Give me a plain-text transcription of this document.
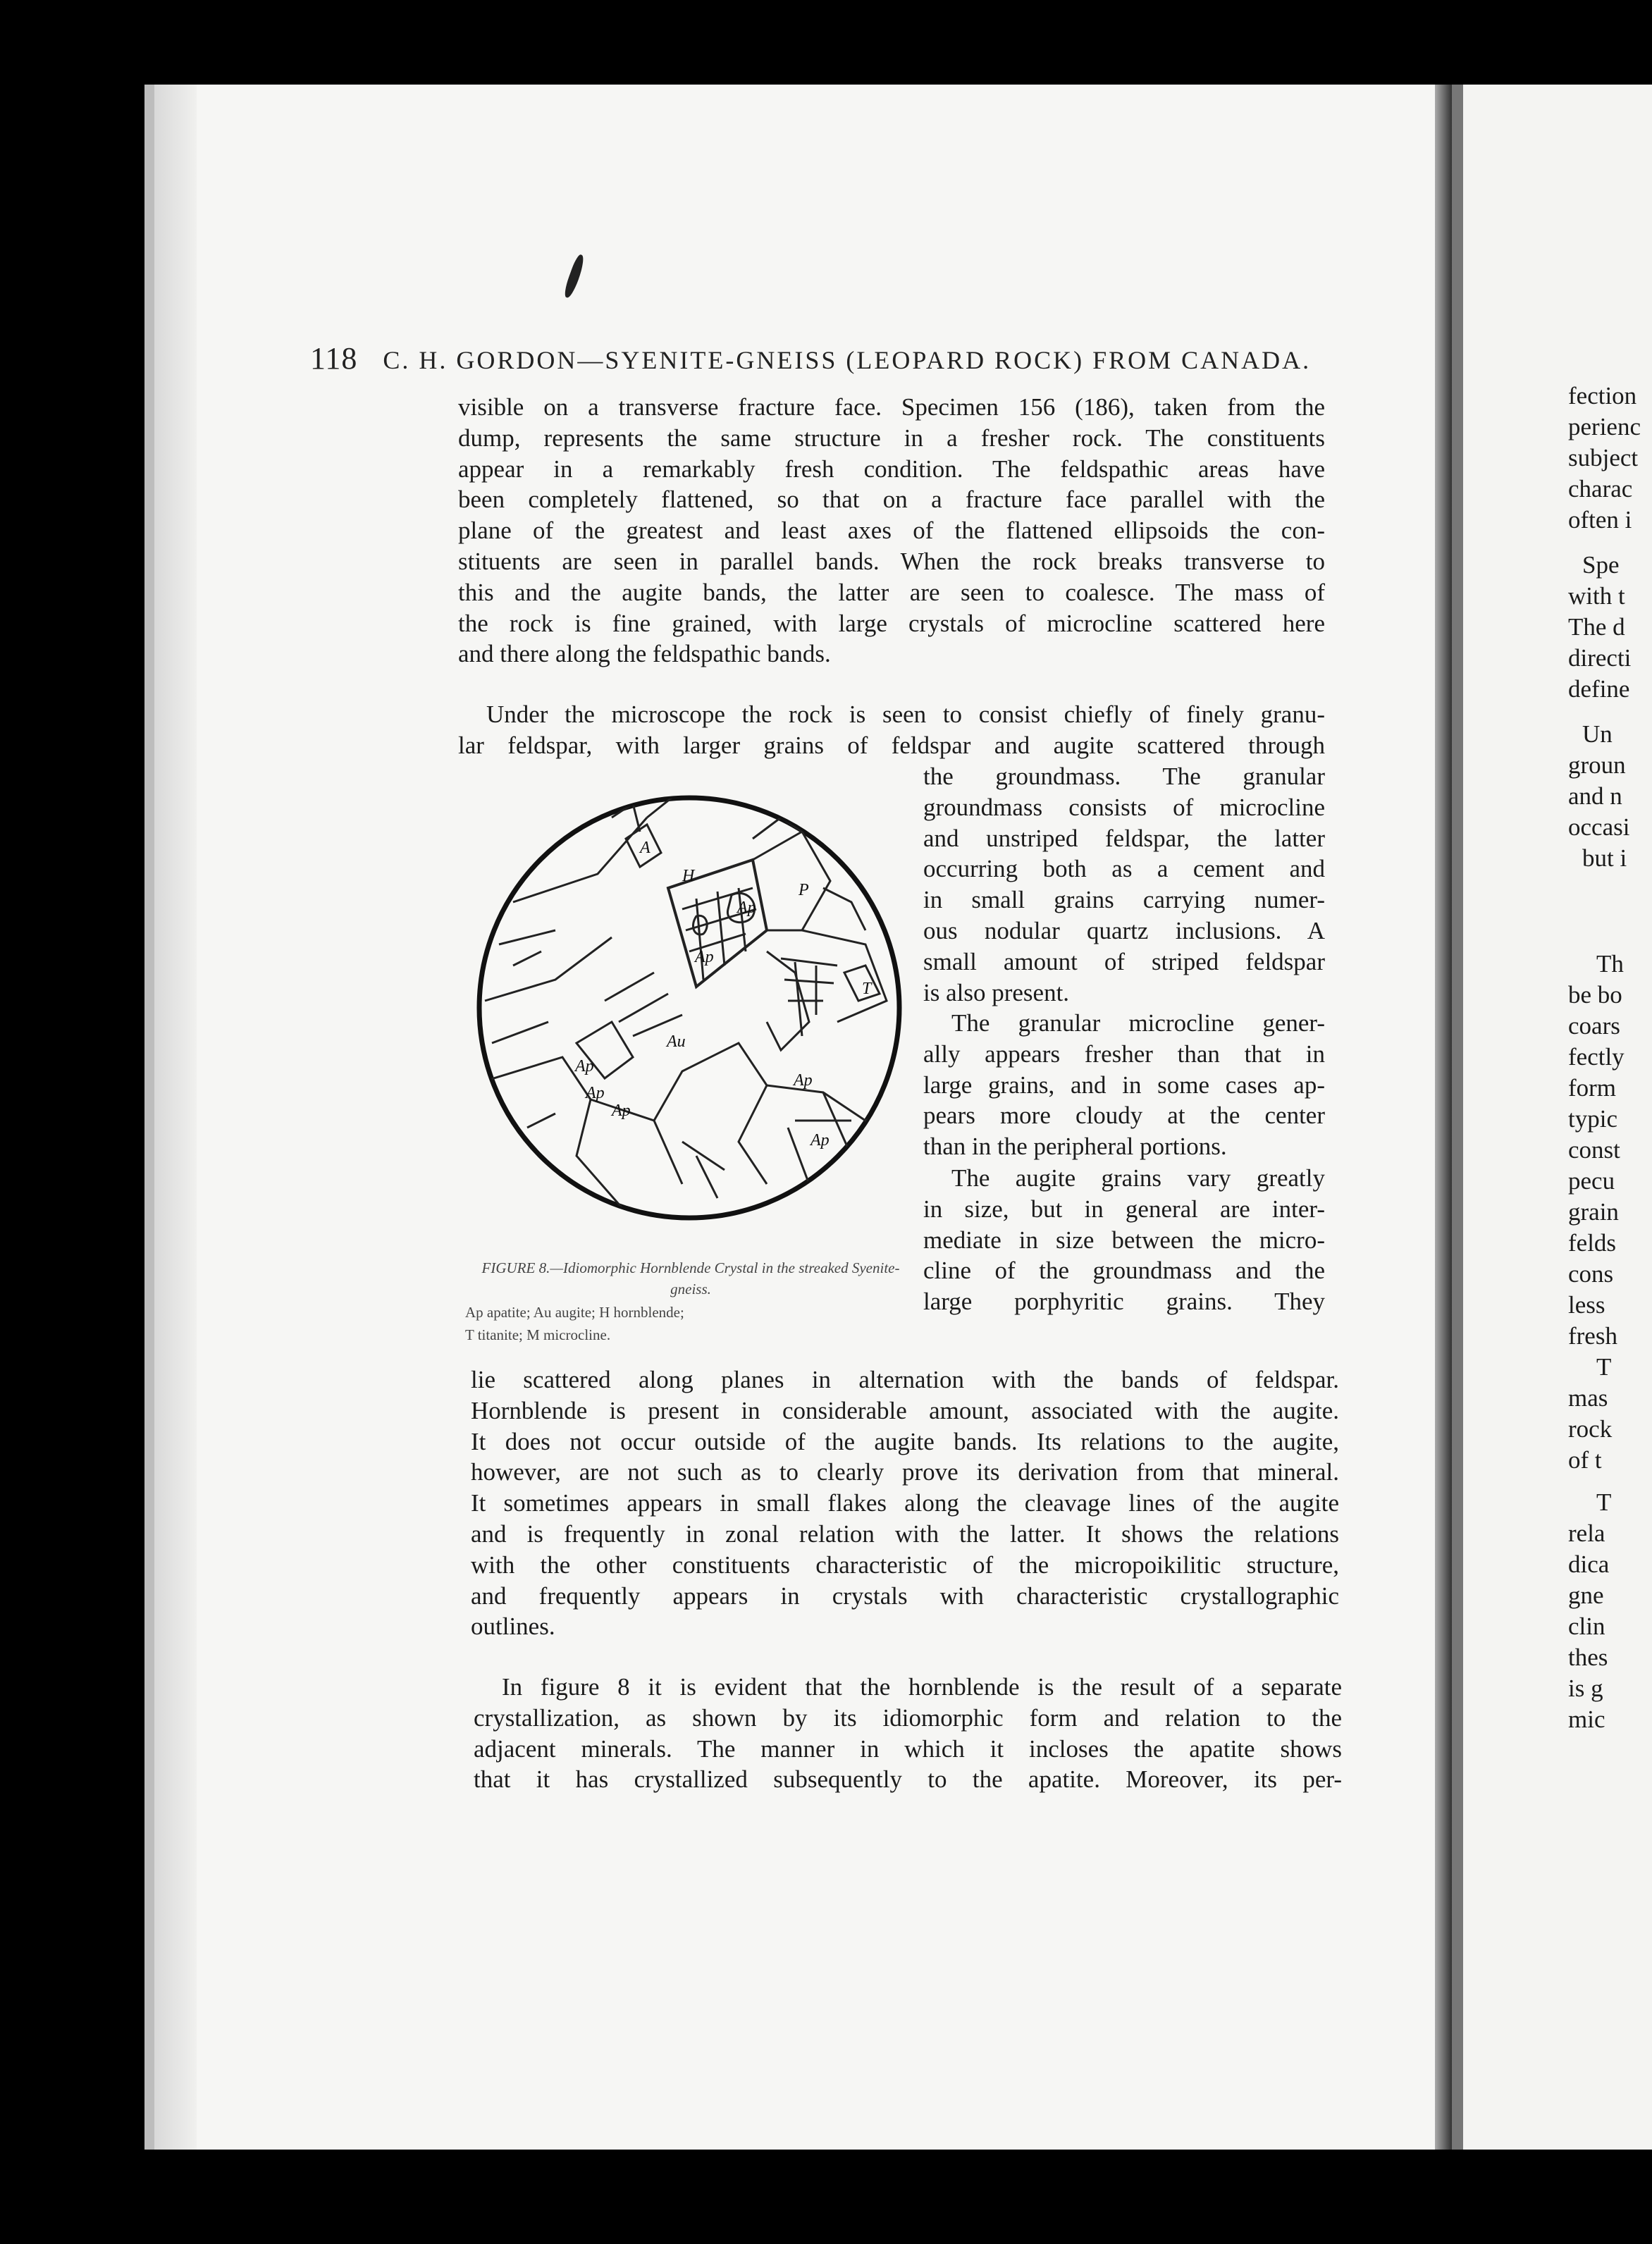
118 C. H. GORDON—SYENITE-GNEISS (LEOPARD ROCK) FROM CANADA.
visible on a transverse fracture face. Specimen 156 (186), taken from the
dump, represents the same structure in a fresher rock. The constituents
appear in a remarkably fresh condition. The feldspathic areas have
been completely flattened, so that on a fracture face parallel with the
plane of the greatest and least axes of the flattened ellipsoids the con-
stituents are seen in parallel bands. When the rock breaks transverse to
this and the augite bands, the latter are seen to coalesce. The mass of
the rock is fine grained, with large crystals of microcline scattered here
and there along the feldspathic bands.
Under the microscope the rock is seen to consist chiefly of finely granu-
lar feldspar, with larger grains of feldspar and augite scattered through
the groundmass. The granular
groundmass consists of microcline
and unstriped feldspar, the latter
occurring both as a cement and
in small grains carrying numer-
ous nodular quartz inclusions. A
small amount of striped feldspar
is also present.
The granular microcline gener-
ally appears fresher than that in
large grains, and in some cases ap-
pears more cloudy at the center
than in the peripheral portions.
The augite grains vary greatly
in size, but in general are inter-
mediate in size between the micro-
cline of the groundmass and the
large porphyritic grains. They
lie scattered along planes in alternation with the bands of feldspar.
Hornblende is present in considerable amount, associated with the augite.
It does not occur outside of the augite bands. Its relations to the augite,
however, are not such as to clearly prove its derivation from that mineral.
It sometimes appears in small flakes along the cleavage lines of the augite
and is frequently in zonal relation with the latter. It shows the relations
with the other constituents characteristic of the micropoikilitic structure,
and frequently appears in crystals with characteristic crystallographic
outlines.
In figure 8 it is evident that the hornblende is the result of a separate
crystallization, as shown by its idiomorphic form and relation to the
adjacent minerals. The manner in which it incloses the apatite shows
that it has crystallized subsequently to the apatite. Moreover, its per-
A
Ap
P
H
Ap
T
Au
Ap
Ap
Ap
Ap
Ap
FIGURE 8.—Idiomorphic Hornblende Crystal in the streaked Syenite-gneiss.
Ap apatite; Au augite; H hornblende;
T titanite; M microcline.
fection
perienc
subject
charac
often i
Spe
with t
The d
directi
define
Un
groun
and n
occasi
but i
Th
be bo
coars
fectly
form
typic
const
pecu
grain
felds
cons
less
fresh
T
mas
rock
of t
T
rela
dica
gne
clin
thes
is g
mic
